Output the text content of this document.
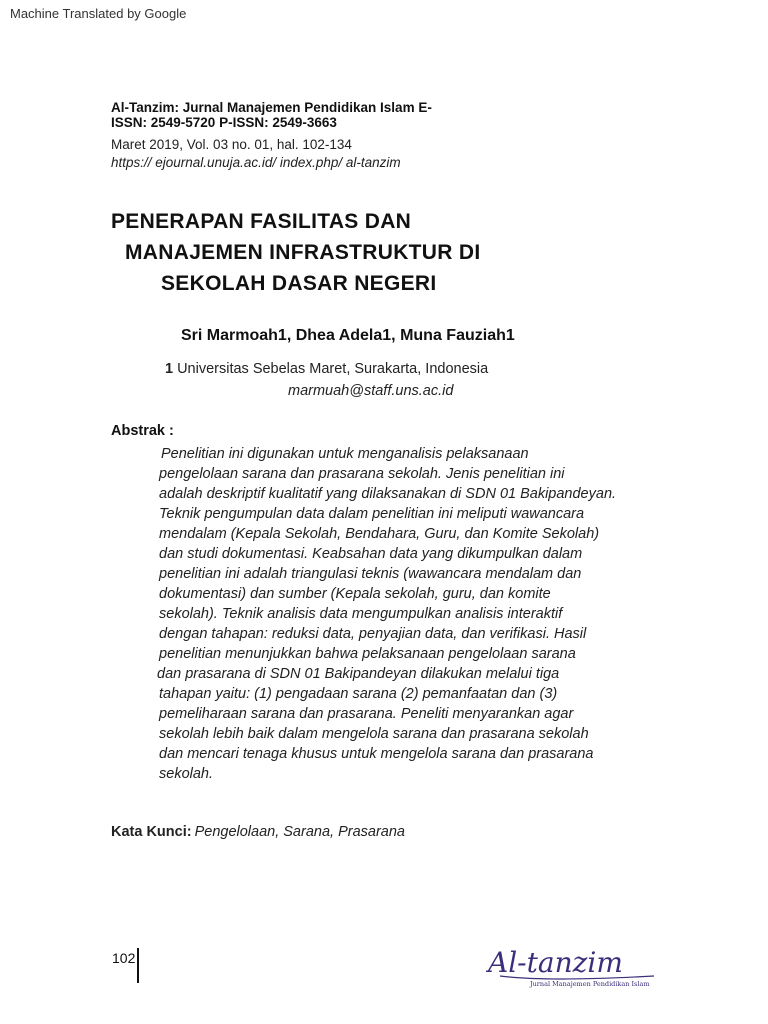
Machine Translated by Google
Al-Tanzim: Jurnal Manajemen Pendidikan Islam E-
ISSN: 2549-5720 P-ISSN: 2549-3663
Maret 2019, Vol. 03 no. 01, hal. 102-134
https:// ejournal.unuja.ac.id/ index.php/ al-tanzim
PENERAPAN FASILITAS DAN
MANAJEMEN INFRASTRUKTUR DI
SEKOLAH DASAR NEGERI
Sri Marmoah1, Dhea Adela1, Muna Fauziah1
1 Universitas Sebelas Maret, Surakarta, Indonesia
marmuah@staff.uns.ac.id
Abstrak :
Penelitian ini digunakan untuk menganalisis pelaksanaan
pengelolaan sarana dan prasarana sekolah. Jenis penelitian ini
adalah deskriptif kualitatif yang dilaksanakan di SDN 01 Bakipandeyan.
Teknik pengumpulan data dalam penelitian ini meliputi wawancara
mendalam (Kepala Sekolah, Bendahara, Guru, dan Komite Sekolah)
dan studi dokumentasi. Keabsahan data yang dikumpulkan dalam
penelitian ini adalah triangulasi teknis (wawancara mendalam dan
dokumentasi) dan sumber (Kepala sekolah, guru, dan komite
sekolah). Teknik analisis data mengumpulkan analisis interaktif
dengan tahapan: reduksi data, penyajian data, dan verifikasi. Hasil
penelitian menunjukkan bahwa pelaksanaan pengelolaan sarana
dan prasarana di SDN 01 Bakipandeyan dilakukan melalui tiga
tahapan yaitu: (1) pengadaan sarana (2) pemanfaatan dan (3)
pemeliharaan sarana dan prasarana. Peneliti menyarankan agar
sekolah lebih baik dalam mengelola sarana dan prasarana sekolah
dan mencari tenaga khusus untuk mengelola sarana dan prasarana
sekolah.
Kata Kunci: Pengelolaan, Sarana, Prasarana
102	Al-tanzim
Jurnal Manajemen Pendidikan Islam
